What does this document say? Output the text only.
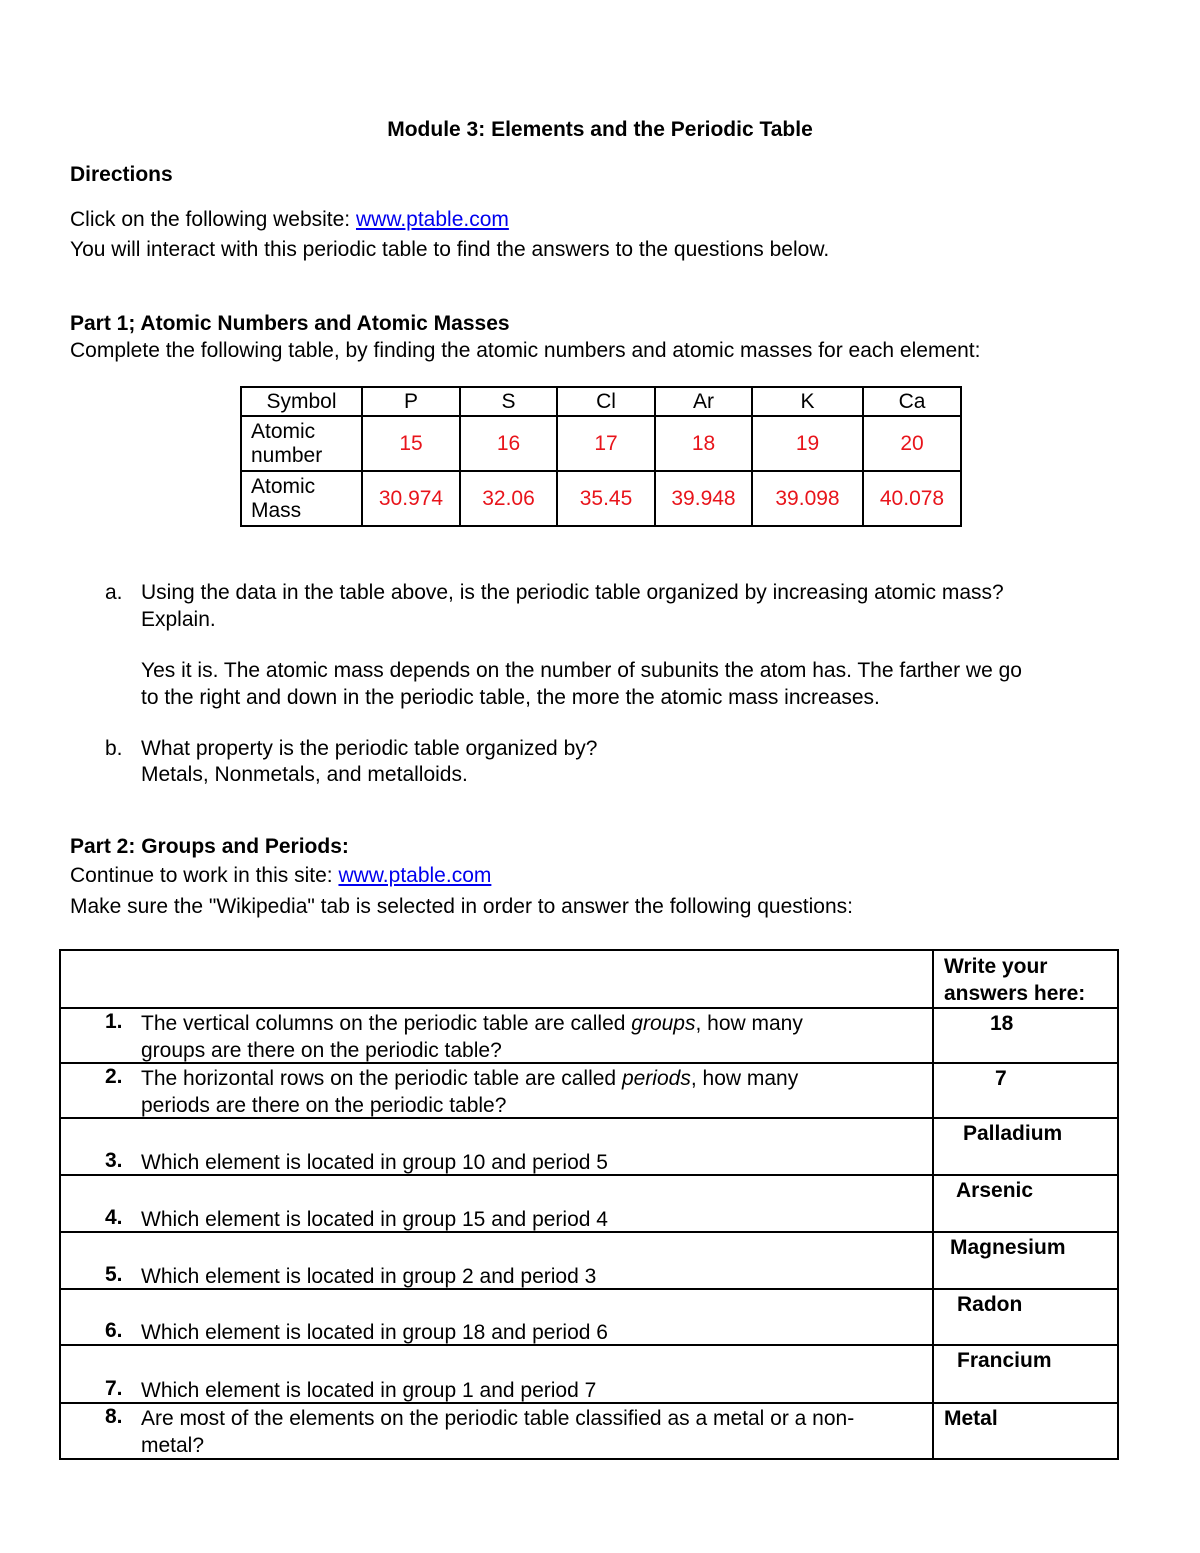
Module 3: Elements and the Periodic Table
Directions
Click on the following website: www.ptable.com
You will interact with this periodic table to find the answers to the questions below.
Part 1; Atomic Numbers and Atomic Masses
Complete the following table, by finding the atomic numbers and atomic masses for each element:
Symbol	P	S	Cl	Ar	K	Ca

Atomic
number	15	16	17	18	19	20

Atomic
Mass	30.974	32.06	35.45	39.948	39.098	40.078
a. Using the data in the table above, is the periodic table organized by increasing atomic mass?
Explain.
Yes it is. The atomic mass depends on the number of subunits the atom has. The farther we go
to the right and down in the periodic table, the more the atomic mass increases.
b. What property is the periodic table organized by?
Metals, Nonmetals, and metalloids.
Part 2: Groups and Periods:
Continue to work in this site: www.ptable.com
Make sure the "Wikipedia" tab is selected in order to answer the following questions:

	Write your
answers here:

1. The vertical columns on the periodic table are called groups, how many
groups are there on the periodic table?	18

2. The horizontal rows on the periodic table are called periods, how many
periods are there on the periodic table?	7

3. Which element is located in group 10 and period 5	Palladium

4. Which element is located in group 15 and period 4	Arsenic

5. Which element is located in group 2 and period 3	Magnesium

6. Which element is located in group 18 and period 6	Radon

7. Which element is located in group 1 and period 7	Francium

8. Are most of the elements on the periodic table classified as a metal or a non-metal?	Metal
